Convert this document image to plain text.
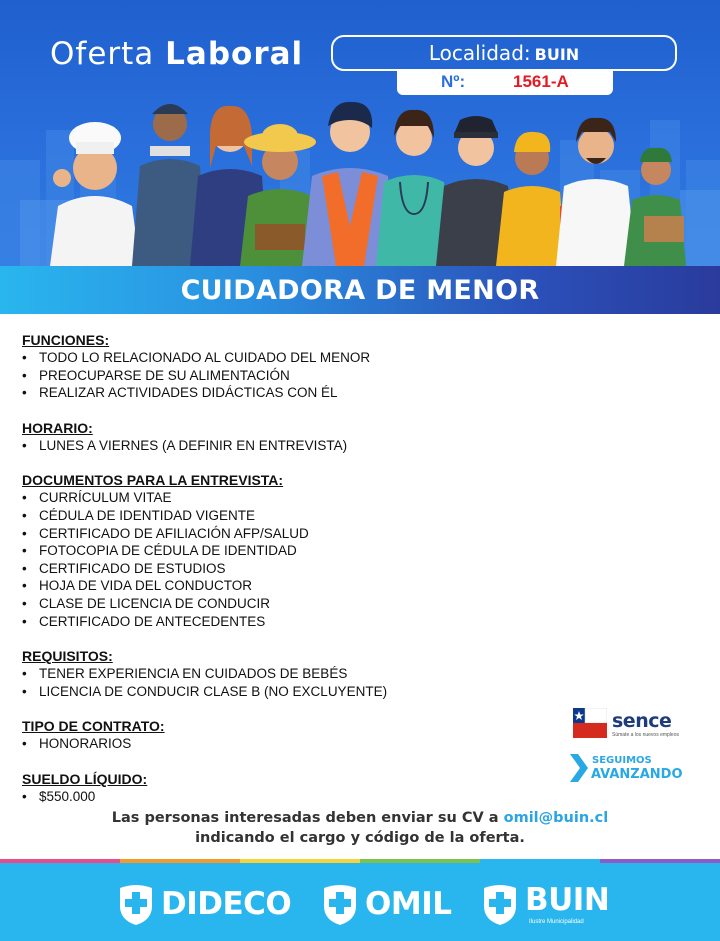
Oferta Laboral	Localidad: BUIN
Nº:	1561-A
CUIDADORA DE MENOR
FUNCIONES:
• TODO LO RELACIONADO AL CUIDADO DEL MENOR
• PREOCUPARSE DE SU ALIMENTACIÓN
• REALIZAR ACTIVIDADES DIDÁCTICAS CON ÉL
HORARIO:
• LUNES A VIERNES (A DEFINIR EN ENTREVISTA)
DOCUMENTOS PARA LA ENTREVISTA:
• CURRÍCULUM VITAE
• CÉDULA DE IDENTIDAD VIGENTE
• CERTIFICADO DE AFILIACIÓN AFP/SALUD
• FOTOCOPIA DE CÉDULA DE IDENTIDAD
• CERTIFICADO DE ESTUDIOS
• HOJA DE VIDA DEL CONDUCTOR
• CLASE DE LICENCIA DE CONDUCIR
• CERTIFICADO DE ANTECEDENTES
REQUISITOS:
• TENER EXPERIENCIA EN CUIDADOS DE BEBÉS
• LICENCIA DE CONDUCIR CLASE B (NO EXCLUYENTE)
TIPO DE CONTRATO:
• HONORARIOS
SUELDO LÍQUIDO:
• $550.000
sence
Súmate a los nuevos empleos
SEGUIMOS
AVANZANDO
Las personas interesadas deben enviar su CV a omil@buin.cl
indicando el cargo y código de la oferta.
DIDECO OMIL BUIN
Ilustre Municipalidad
